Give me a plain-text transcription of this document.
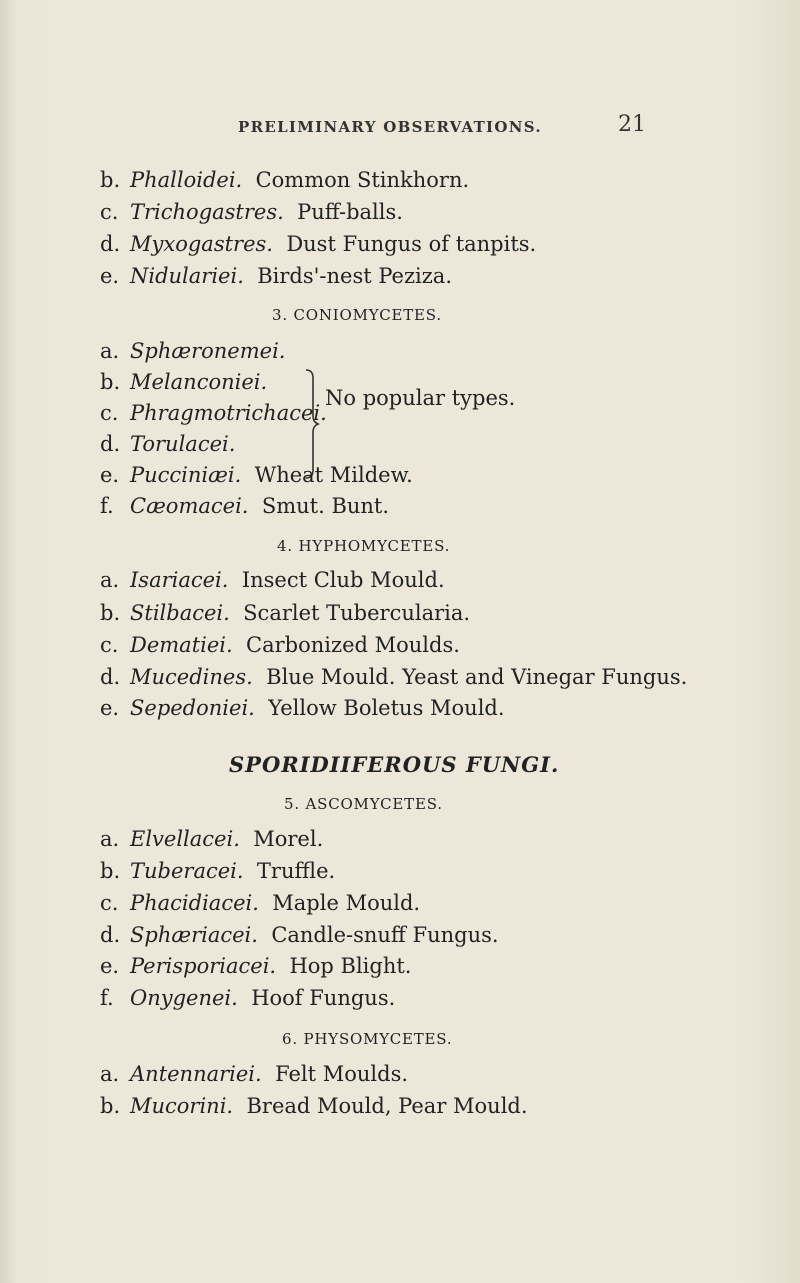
PRELIMINARY OBSERVATIONS.	21
b. Phalloidei. Common Stinkhorn.
c. Trichogastres. Puff-balls.
d. Myxogastres. Dust Fungus of tanpits.
e. Nidulariei. Birds'-nest Peziza.
3. CONIOMYCETES.
a. Sphæronemei.
b. Melanconiei.
c. Phragmotrichacei.
d. Torulacei.
No popular types.
e. Pucciniæi. Wheat Mildew.
f. Cæomacei. Smut. Bunt.
4. HYPHOMYCETES.
a. Isariacei. Insect Club Mould.
b. Stilbacei. Scarlet Tubercularia.
c. Dematiei. Carbonized Moulds.
d. Mucedines. Blue Mould. Yeast and Vinegar Fungus.
e. Sepedoniei. Yellow Boletus Mould.
SPORIDIIFEROUS FUNGI.
5. ASCOMYCETES.
a. Elvellacei. Morel.
b. Tuberacei. Truffle.
c. Phacidiacei. Maple Mould.
d. Sphæriacei. Candle-snuff Fungus.
e. Perisporiacei. Hop Blight.
f. Onygenei. Hoof Fungus.
6. PHYSOMYCETES.
a. Antennariei. Felt Moulds.
b. Mucorini. Bread Mould, Pear Mould.
